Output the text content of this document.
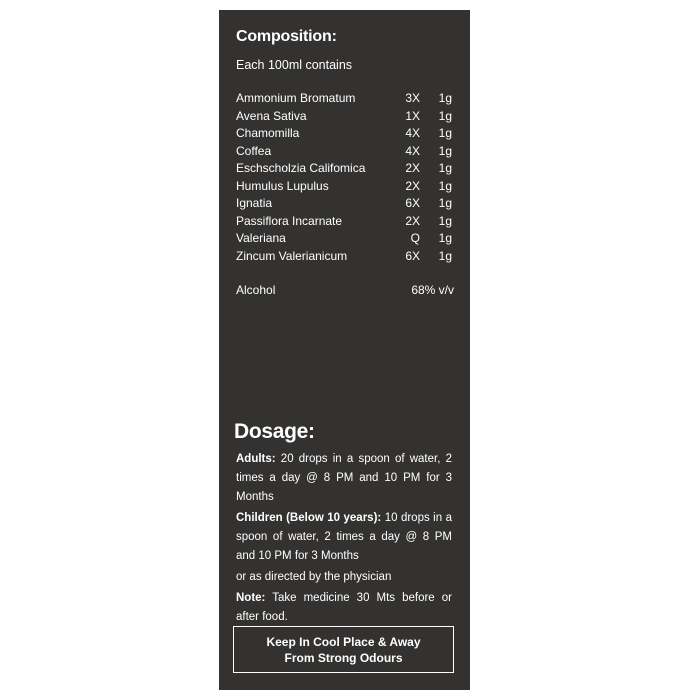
Composition:
Each 100ml contains
Ammonium Bromatum	3X 1g
Avena Sativa	1X 1g
Chamomilla	4X 1g
Coffea	4X 1g
Eschscholzia Califomica	2X 1g
Humulus Lupulus	2X 1g
Ignatia	6X 1g
Passiflora Incarnate	2X 1g
Valeriana	Q 1g
Zincum Valerianicum	6X 1g
Alcohol	68% v/v
Dosage:

Adults: 20 drops in a spoon of water, 2 times a day @ 8 PM and 10 PM for 3 Months

Children (Below 10 years): 10 drops in a spoon of water, 2 times a day @ 8 PM and 10 PM for 3 Months

or as directed by the physician

Note: Take medicine 30 Mts before or after food.

Keep In Cool Place & Away
From Strong Odours
